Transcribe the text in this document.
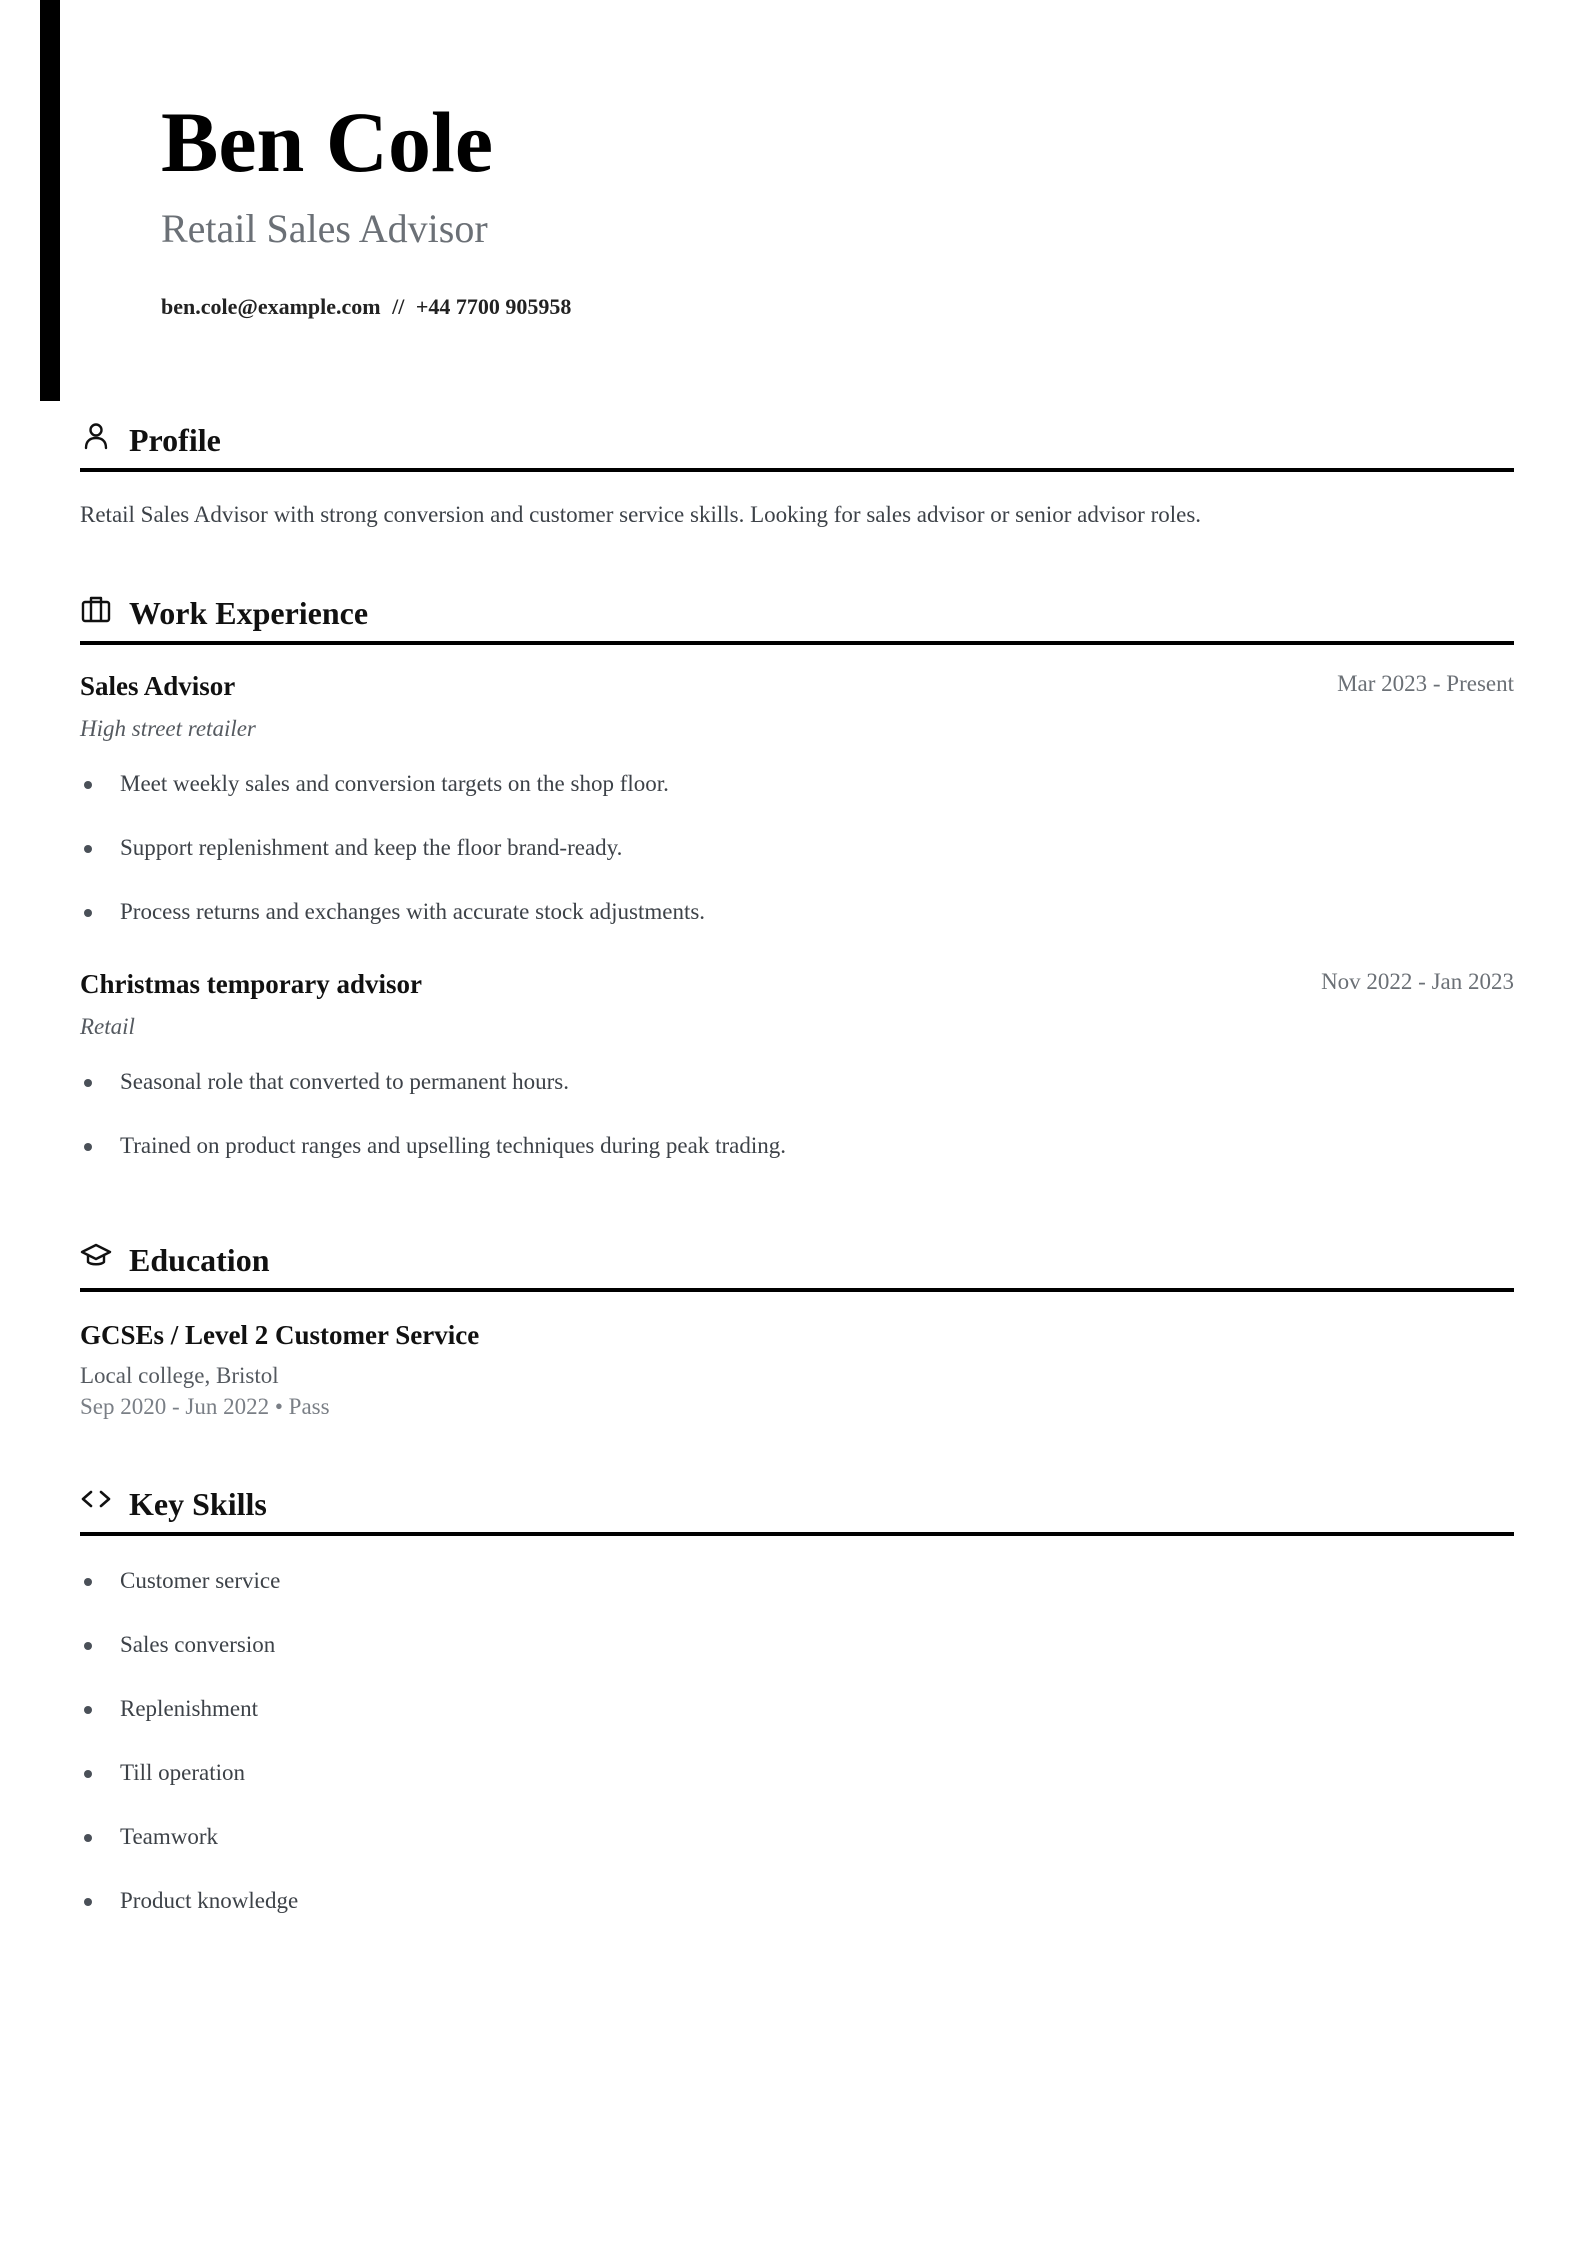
Ben Cole
Retail Sales Advisor
ben.cole@example.com // +44 7700 905958
Profile
Retail Sales Advisor with strong conversion and customer service skills. Looking for sales advisor or senior advisor roles.
Work Experience
Sales Advisor	Mar 2023 - Present
High street retailer
Meet weekly sales and conversion targets on the shop floor.
Support replenishment and keep the floor brand-ready.
Process returns and exchanges with accurate stock adjustments.
Christmas temporary advisor	Nov 2022 - Jan 2023
Retail
Seasonal role that converted to permanent hours.
Trained on product ranges and upselling techniques during peak trading.
Education
GCSEs / Level 2 Customer Service
Local college, Bristol
Sep 2020 - Jun 2022 • Pass
Key Skills
Customer service
Sales conversion
Replenishment
Till operation
Teamwork
Product knowledge
